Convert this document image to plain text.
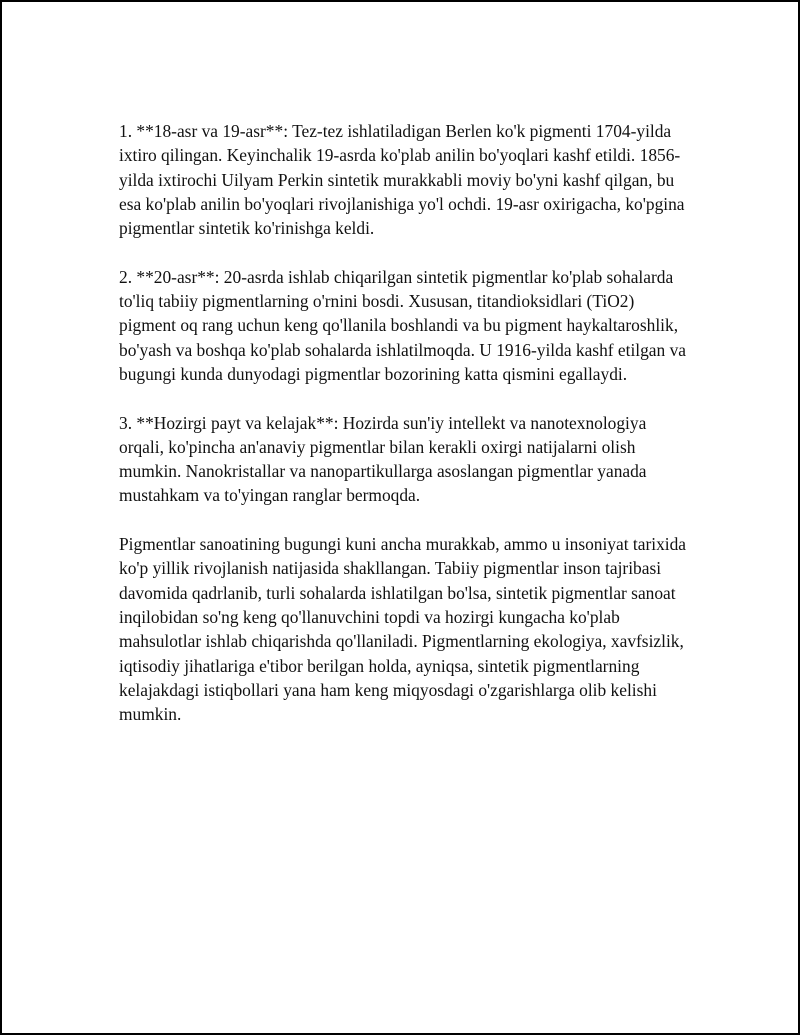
1. **18-asr va 19-asr**: Tez-tez ishlatiladigan Berlen ko'k pigmenti 1704-yilda ixtiro qilingan. Keyinchalik 19-asrda ko'plab anilin bo'yoqlari kashf etildi. 1856-yilda ixtirochi Uilyam Perkin sintetik murakkabli moviy bo'yni kashf qilgan, bu esa ko'plab anilin bo'yoqlari rivojlanishiga yo'l ochdi. 19-asr oxirigacha, ko'pgina pigmentlar sintetik ko'rinishga keldi.

2. **20-asr**: 20-asrda ishlab chiqarilgan sintetik pigmentlar ko'plab sohalarda to'liq tabiiy pigmentlarning o'rnini bosdi. Xususan, titandioksidlari (TiO2) pigment oq rang uchun keng qo'llanila boshlandi va bu pigment haykaltaroshlik, bo'yash va boshqa ko'plab sohalarda ishlatilmoqda. U 1916-yilda kashf etilgan va bugungi kunda dunyodagi pigmentlar bozorining katta qismini egallaydi.

3. **Hozirgi payt va kelajak**: Hozirda sun'iy intellekt va nanotexnologiya orqali, ko'pincha an'anaviy pigmentlar bilan kerakli oxirgi natijalarni olish mumkin. Nanokristallar va nanopartikullarga asoslangan pigmentlar yanada mustahkam va to'yingan ranglar bermoqda.

Pigmentlar sanoatining bugungi kuni ancha murakkab, ammo u insoniyat tarixida ko'p yillik rivojlanish natijasida shakllangan. Tabiiy pigmentlar inson tajribasi davomida qadrlanib, turli sohalarda ishlatilgan bo'lsa, sintetik pigmentlar sanoat inqilobidan so'ng keng qo'llanuvchini topdi va hozirgi kungacha ko'plab mahsulotlar ishlab chiqarishda qo'llaniladi. Pigmentlarning ekologiya, xavfsizlik, iqtisodiy jihatlariga e'tibor berilgan holda, ayniqsa, sintetik pigmentlarning kelajakdagi istiqbollari yana ham keng miqyosdagi o'zgarishlarga olib kelishi mumkin.
